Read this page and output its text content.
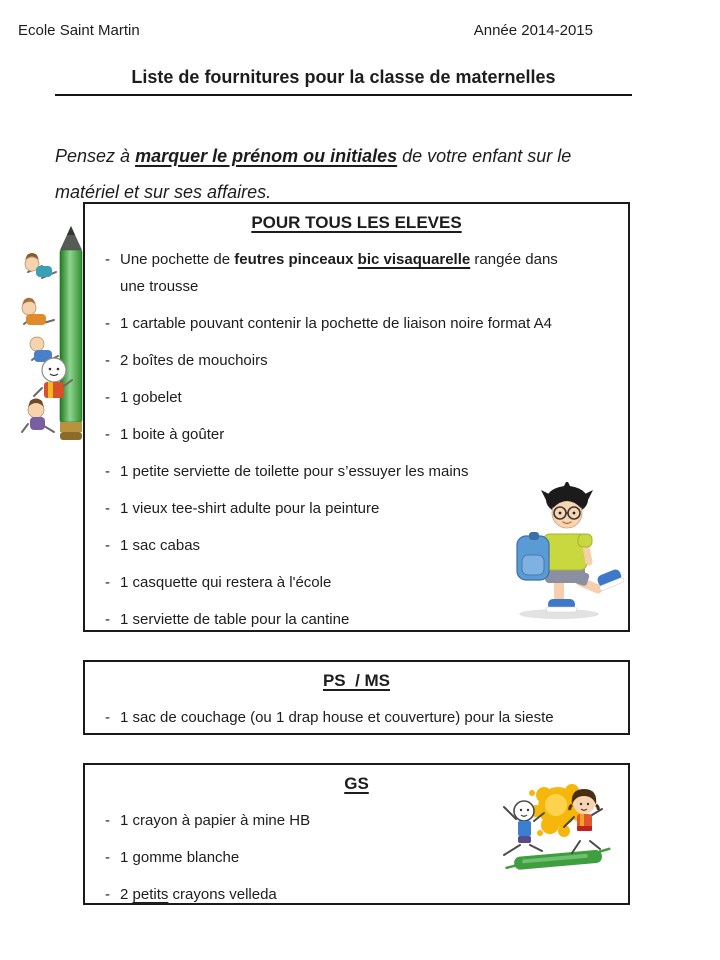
Ecole Saint Martin	Année 2014-2015
Liste de fournitures pour la classe de maternelles

Pensez à marquer le prénom ou initiales de votre enfant sur le
matériel et sur ses affaires.

POUR TOUS LES ELEVES
- Une pochette de feutres pinceaux bic visaquarelle rangée dans
une trousse
- 1 cartable pouvant contenir la pochette de liaison noire format A4
- 2 boîtes de mouchoirs
- 1 gobelet
- 1 boite à goûter
- 1 petite serviette de toilette pour s’essuyer les mains
- 1 vieux tee-shirt adulte pour la peinture
- 1 sac cabas
- 1 casquette qui restera à l'école
- 1 serviette de table pour la cantine
PS  / MS
- 1 sac de couchage (ou 1 drap house et couverture) pour la sieste
GS
- 1 crayon à papier à mine HB
- 1 gomme blanche
- 2 petits crayons velleda
